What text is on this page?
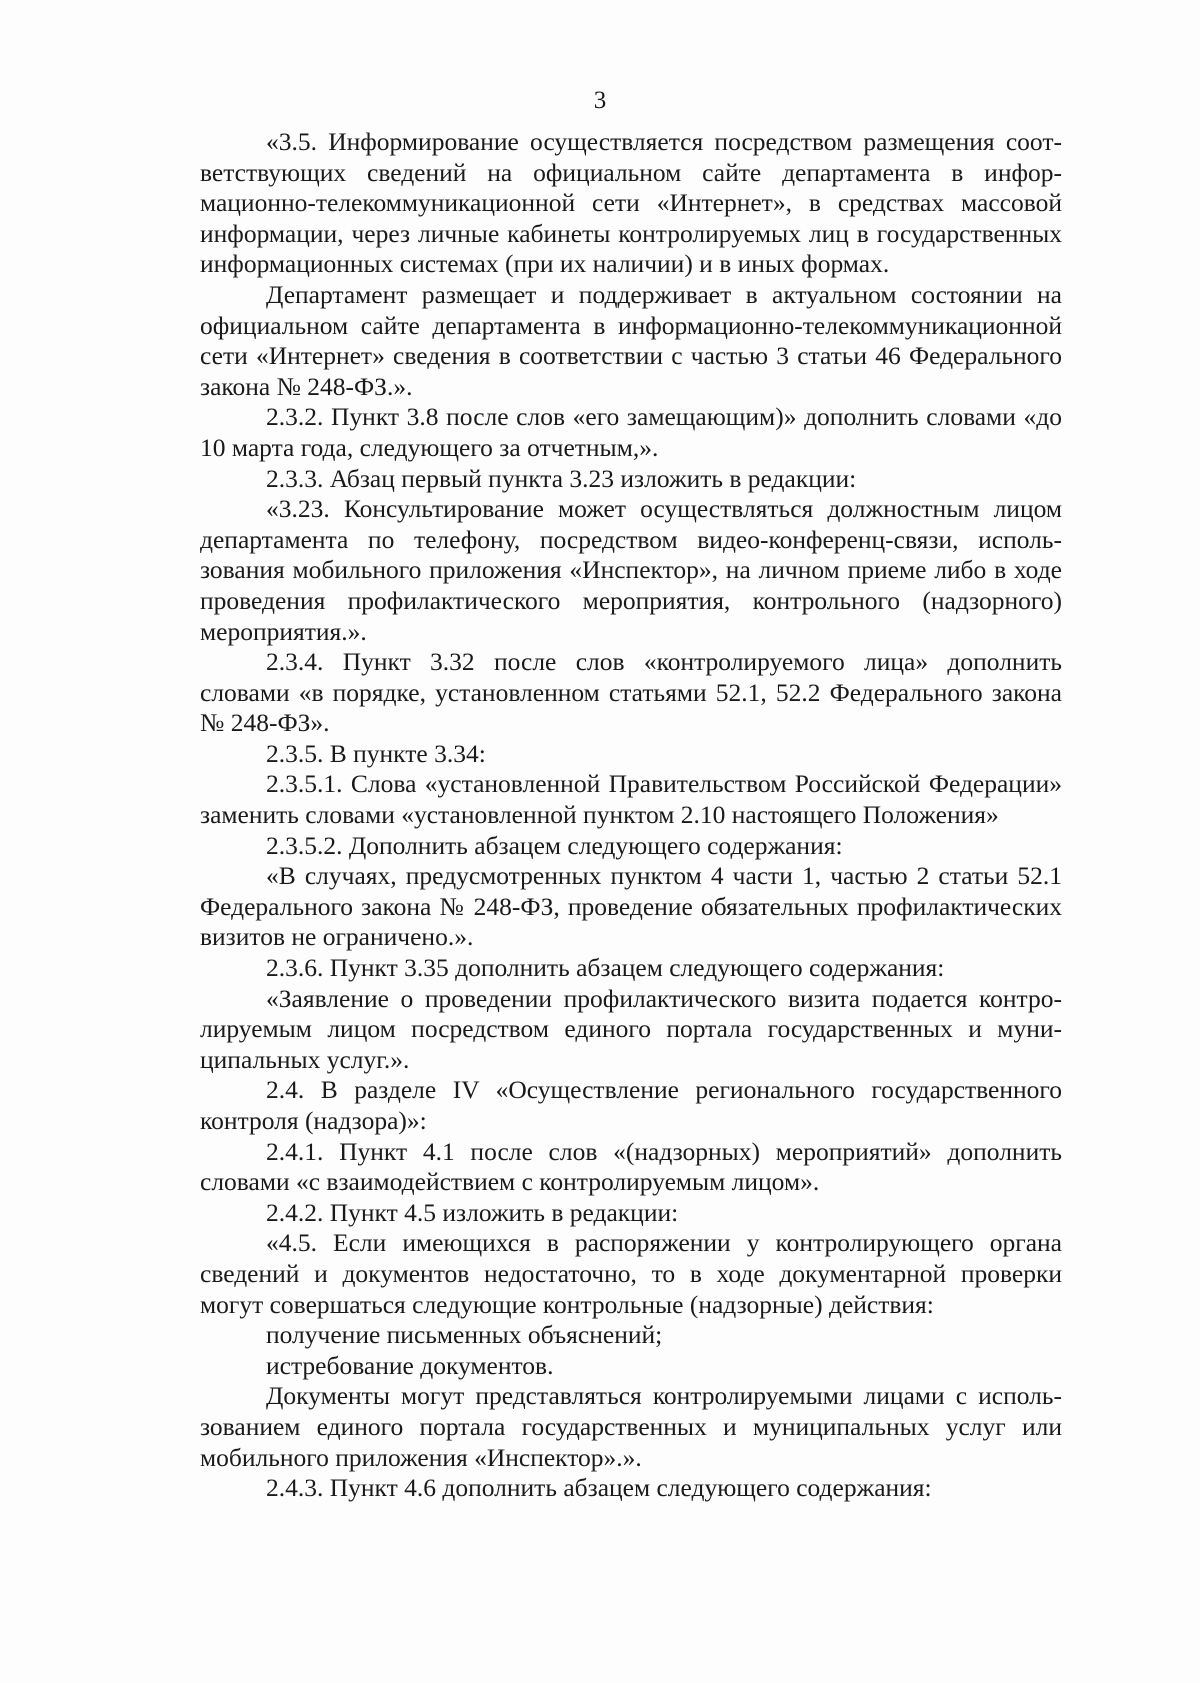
3

«3.5. Информирование осуществляется посредством размещения соответствующих сведений на официальном сайте департамента в информационно-телекоммуникационной сети «Интернет», в средствах массовой информации, через личные кабинеты контролируемых лиц в государственных информационных системах (при их наличии) и в иных формах.

Департамент размещает и поддерживает в актуальном состоянии на официальном сайте департамента в информационно-телекоммуникационной сети «Интернет» сведения в соответствии с частью 3 статьи 46 Федерального закона № 248-ФЗ.».

2.3.2. Пункт 3.8 после слов «его замещающим)» дополнить словами «до 10 марта года, следующего за отчетным,».

2.3.3. Абзац первый пункта 3.23 изложить в редакции:

«3.23. Консультирование может осуществляться должностным лицом департамента по телефону, посредством видео-конференц-связи, использования мобильного приложения «Инспектор», на личном приеме либо в ходе проведения профилактического мероприятия, контрольного (надзорного) мероприятия.».

2.3.4. Пункт 3.32 после слов «контролируемого лица» дополнить словами «в порядке, установленном статьями 52.1, 52.2 Федерального закона № 248-ФЗ».

2.3.5. В пункте 3.34:

2.3.5.1. Слова «установленной Правительством Российской Федерации» заменить словами «установленной пунктом 2.10 настоящего Положения»

2.3.5.2. Дополнить абзацем следующего содержания:

«В случаях, предусмотренных пунктом 4 части 1, частью 2 статьи 52.1 Федерального закона № 248-ФЗ, проведение обязательных профилактических визитов не ограничено.».

2.3.6. Пункт 3.35 дополнить абзацем следующего содержания:

«Заявление о проведении профилактического визита подается контролируемым лицом посредством единого портала государственных и муниципальных услуг.».

2.4. В разделе IV «Осуществление регионального государственного контроля (надзора)»:

2.4.1. Пункт 4.1 после слов «(надзорных) мероприятий» дополнить словами «с взаимодействием с контролируемым лицом».

2.4.2. Пункт 4.5 изложить в редакции:

«4.5. Если имеющихся в распоряжении у контролирующего органа сведений и документов недостаточно, то в ходе документарной проверки могут совершаться следующие контрольные (надзорные) действия:

получение письменных объяснений;

истребование документов.

Документы могут представляться контролируемыми лицами с использованием единого портала государственных и муниципальных услуг или мобильного приложения «Инспектор».».

2.4.3. Пункт 4.6 дополнить абзацем следующего содержания:
